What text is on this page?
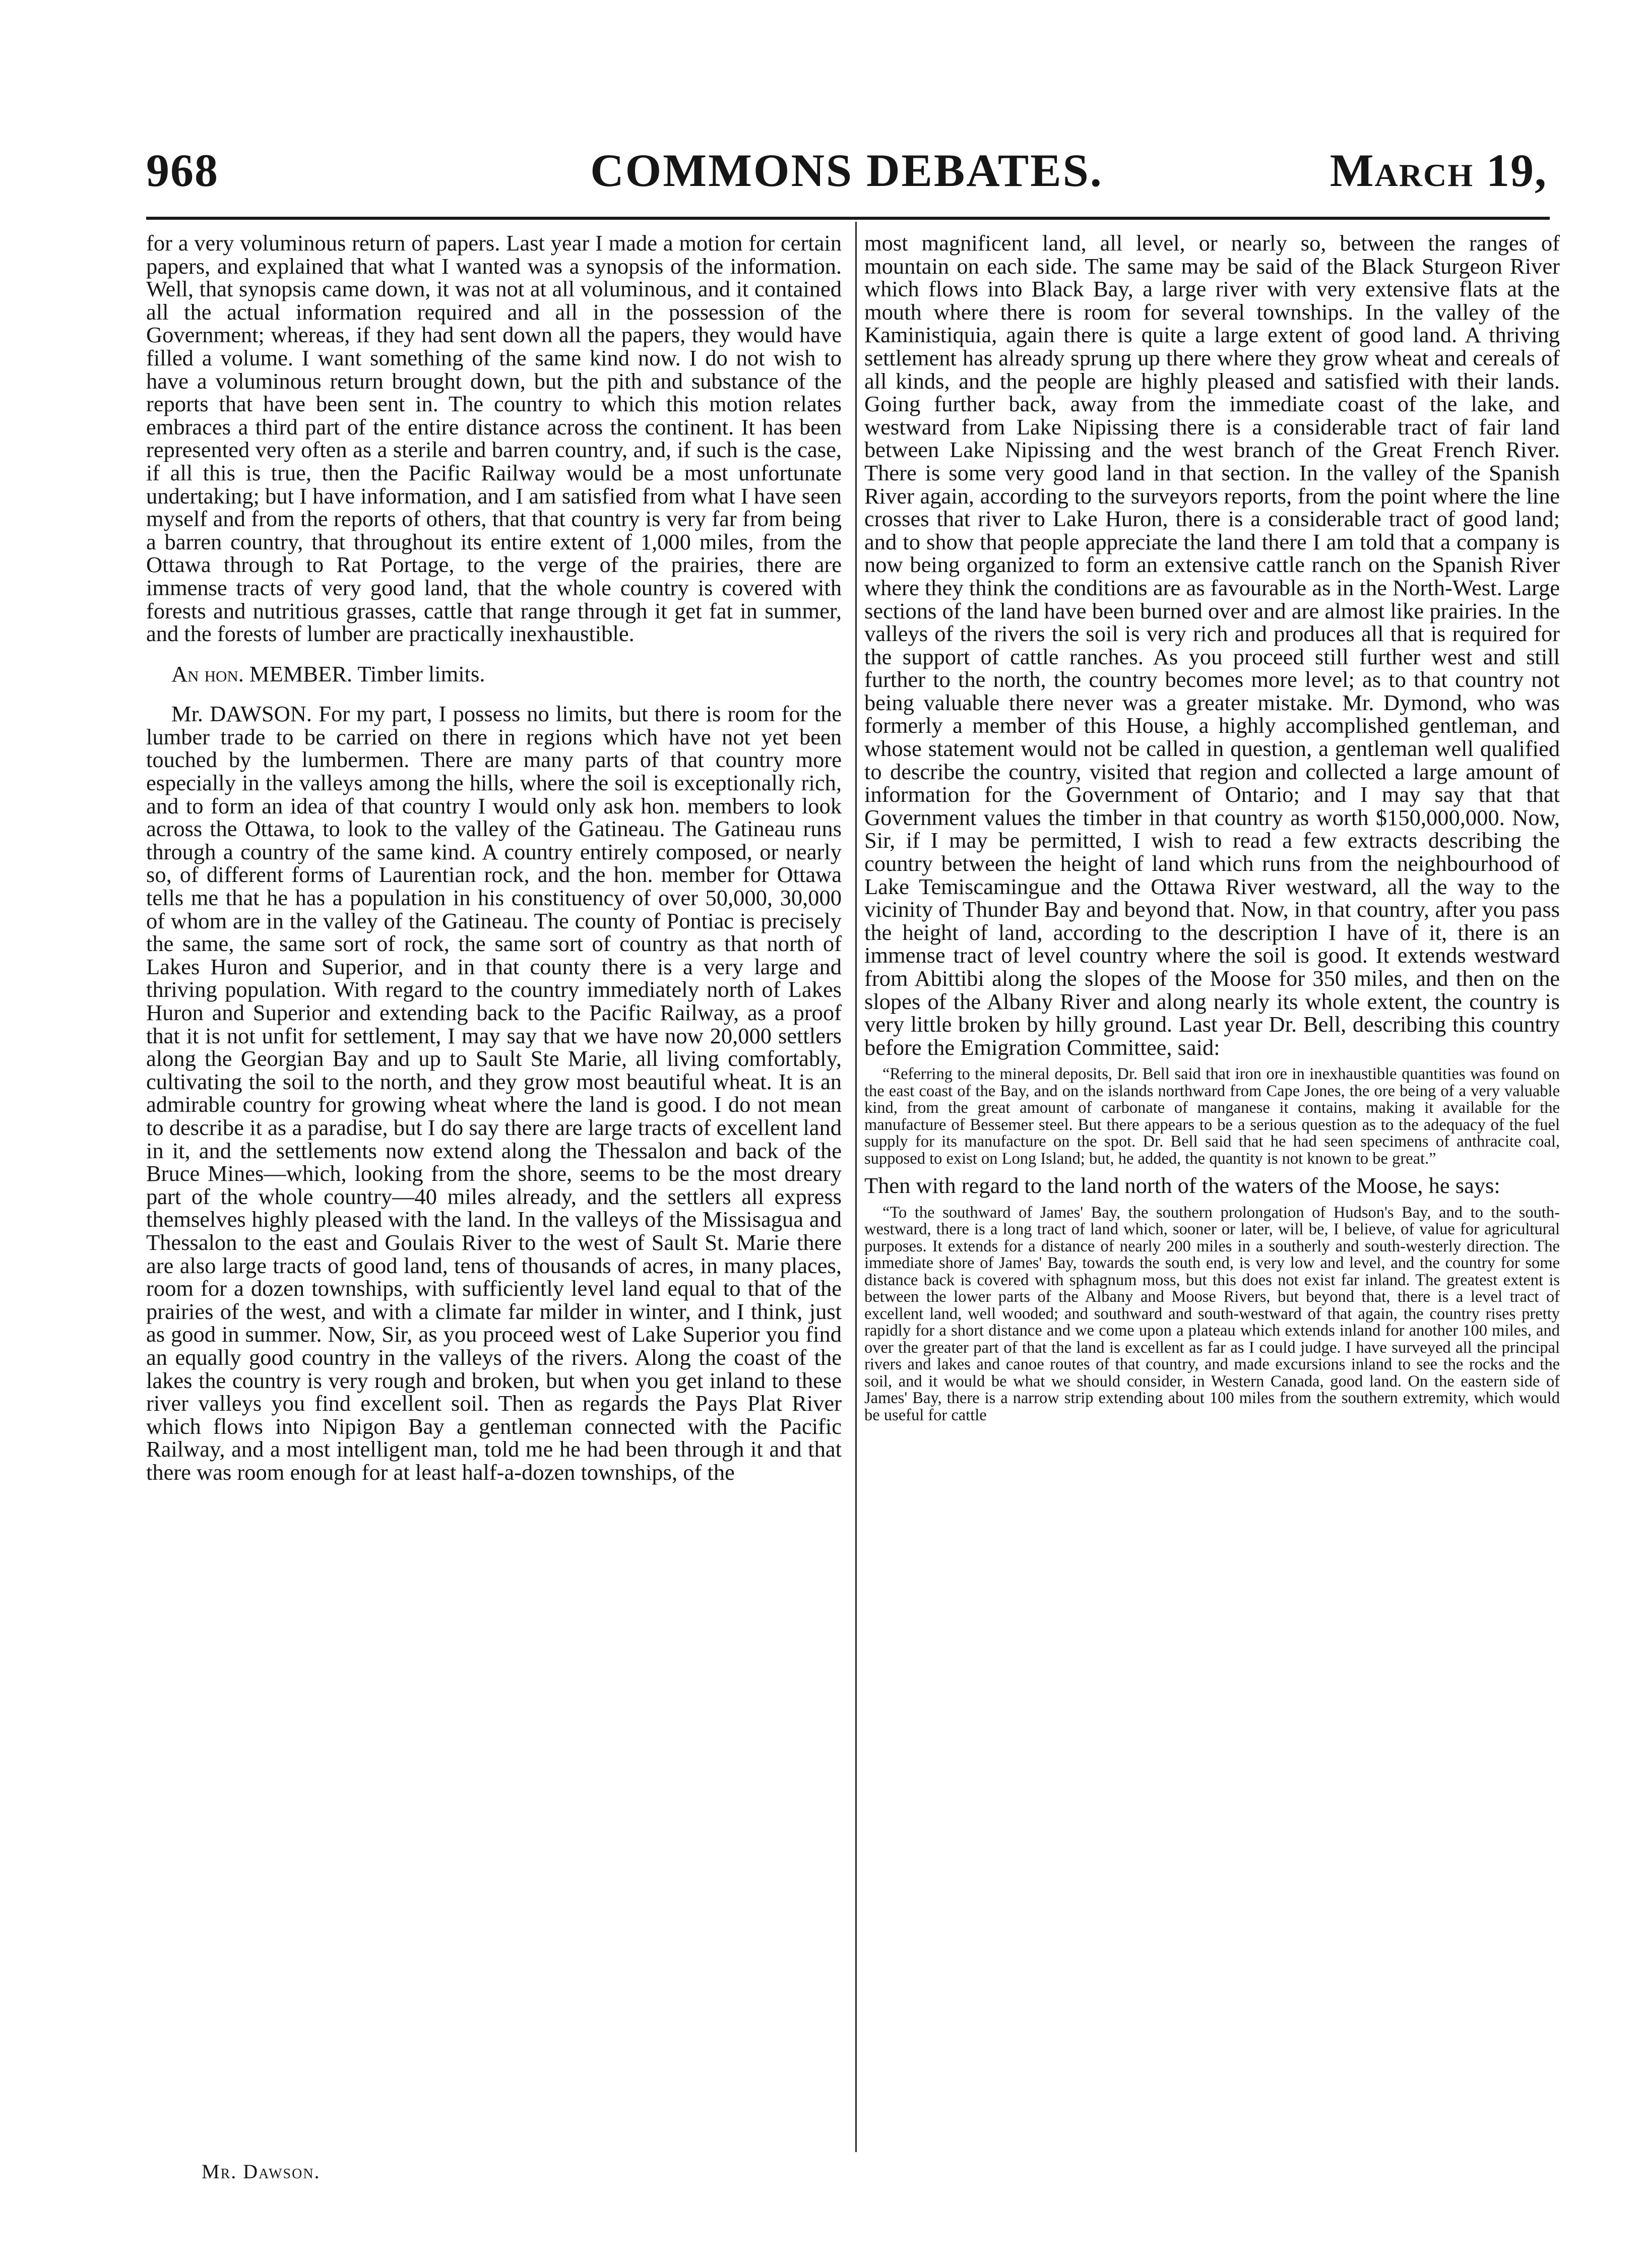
968	COMMONS DEBATES.	March 19,

for a very voluminous return of papers. Last year I made a motion for certain papers, and explained that what I wanted was a synopsis of the information. Well, that synopsis came down, it was not at all voluminous, and it contained all the actual information required and all in the possession of the Government; whereas, if they had sent down all the papers, they would have filled a volume. I want something of the same kind now. I do not wish to have a voluminous return brought down, but the pith and substance of the reports that have been sent in. The country to which this motion relates embraces a third part of the entire distance across the continent. It has been represented very often as a sterile and barren country, and, if such is the case, if all this is true, then the Pacific Railway would be a most unfortunate undertaking; but I have information, and I am satisfied from what I have seen myself and from the reports of others, that that country is very far from being a barren country, that throughout its entire extent of 1,000 miles, from the Ottawa through to Rat Portage, to the verge of the prairies, there are immense tracts of very good land, that the whole country is covered with forests and nutritious grasses, cattle that range through it get fat in summer, and the forests of lumber are practically inexhaustible.

An hon. MEMBER. Timber limits.

Mr. DAWSON. For my part, I possess no limits, but there is room for the lumber trade to be carried on there in regions which have not yet been touched by the lumbermen. There are many parts of that country more especially in the valleys among the hills, where the soil is exceptionally rich, and to form an idea of that country I would only ask hon. members to look across the Ottawa, to look to the valley of the Gatineau. The Gatineau runs through a country of the same kind. A country entirely composed, or nearly so, of different forms of Laurentian rock, and the hon. member for Ottawa tells me that he has a population in his constituency of over 50,000, 30,000 of whom are in the valley of the Gatineau. The county of Pontiac is precisely the same, the same sort of rock, the same sort of country as that north of Lakes Huron and Superior, and in that county there is a very large and thriving population. With regard to the country immediately north of Lakes Huron and Superior and extending back to the Pacific Railway, as a proof that it is not unfit for settlement, I may say that we have now 20,000 settlers along the Georgian Bay and up to Sault Ste Marie, all living comfortably, cultivating the soil to the north, and they grow most beautiful wheat. It is an admirable country for growing wheat where the land is good. I do not mean to describe it as a paradise, but I do say there are large tracts of excellent land in it, and the settlements now extend along the Thessalon and back of the Bruce Mines—which, looking from the shore, seems to be the most dreary part of the whole country—40 miles already, and the settlers all express themselves highly pleased with the land. In the valleys of the Missisagua and Thessalon to the east and Goulais River to the west of Sault St. Marie there are also large tracts of good land, tens of thousands of acres, in many places, room for a dozen townships, with sufficiently level land equal to that of the prairies of the west, and with a climate far milder in winter, and I think, just as good in summer. Now, Sir, as you proceed west of Lake Superior you find an equally good country in the valleys of the rivers. Along the coast of the lakes the country is very rough and broken, but when you get inland to these river valleys you find excellent soil. Then as regards the Pays Plat River which flows into Nipigon Bay a gentleman connected with the Pacific Railway, and a most intelligent man, told me he had been through it and that there was room enough for at least half-a-dozen townships, of the

most magnificent land, all level, or nearly so, between the ranges of mountain on each side. The same may be said of the Black Sturgeon River which flows into Black Bay, a large river with very extensive flats at the mouth where there is room for several townships. In the valley of the Kaministiquia, again there is quite a large extent of good land. A thriving settlement has already sprung up there where they grow wheat and cereals of all kinds, and the people are highly pleased and satisfied with their lands. Going further back, away from the immediate coast of the lake, and westward from Lake Nipissing there is a considerable tract of fair land between Lake Nipissing and the west branch of the Great French River. There is some very good land in that section. In the valley of the Spanish River again, according to the surveyors reports, from the point where the line crosses that river to Lake Huron, there is a considerable tract of good land; and to show that people appreciate the land there I am told that a company is now being organized to form an extensive cattle ranch on the Spanish River where they think the conditions are as favourable as in the North-West. Large sections of the land have been burned over and are almost like prairies. In the valleys of the rivers the soil is very rich and produces all that is required for the support of cattle ranches. As you proceed still further west and still further to the north, the country becomes more level; as to that country not being valuable there never was a greater mistake. Mr. Dymond, who was formerly a member of this House, a highly accomplished gentleman, and whose statement would not be called in question, a gentleman well qualified to describe the country, visited that region and collected a large amount of information for the Government of Ontario; and I may say that that Government values the timber in that country as worth $150,000,000. Now, Sir, if I may be permitted, I wish to read a few extracts describing the country between the height of land which runs from the neighbourhood of Lake Temiscamingue and the Ottawa River westward, all the way to the vicinity of Thunder Bay and beyond that. Now, in that country, after you pass the height of land, according to the description I have of it, there is an immense tract of level country where the soil is good. It extends westward from Abittibi along the slopes of the Moose for 350 miles, and then on the slopes of the Albany River and along nearly its whole extent, the country is very little broken by hilly ground. Last year Dr. Bell, describing this country before the Emigration Committee, said:

“Referring to the mineral deposits, Dr. Bell said that iron ore in inexhaustible quantities was found on the east coast of the Bay, and on the islands northward from Cape Jones, the ore being of a very valuable kind, from the great amount of carbonate of manganese it contains, making it available for the manufacture of Bessemer steel. But there appears to be a serious question as to the adequacy of the fuel supply for its manufacture on the spot. Dr. Bell said that he had seen specimens of anthracite coal, supposed to exist on Long Island; but, he added, the quantity is not known to be great.”

Then with regard to the land north of the waters of the Moose, he says:

“To the southward of James' Bay, the southern prolongation of Hudson's Bay, and to the south-westward, there is a long tract of land which, sooner or later, will be, I believe, of value for agricultural purposes. It extends for a distance of nearly 200 miles in a southerly and south-westerly direction. The immediate shore of James' Bay, towards the south end, is very low and level, and the country for some distance back is covered with sphagnum moss, but this does not exist far inland. The greatest extent is between the lower parts of the Albany and Moose Rivers, but beyond that, there is a level tract of excellent land, well wooded; and southward and south-westward of that again, the country rises pretty rapidly for a short distance and we come upon a plateau which extends inland for another 100 miles, and over the greater part of that the land is excellent as far as I could judge. I have surveyed all the principal rivers and lakes and canoe routes of that country, and made excursions inland to see the rocks and the soil, and it would be what we should consider, in Western Canada, good land. On the eastern side of James' Bay, there is a narrow strip extending about 100 miles from the southern extremity, which would be useful for cattle

Mr. Dawson.
